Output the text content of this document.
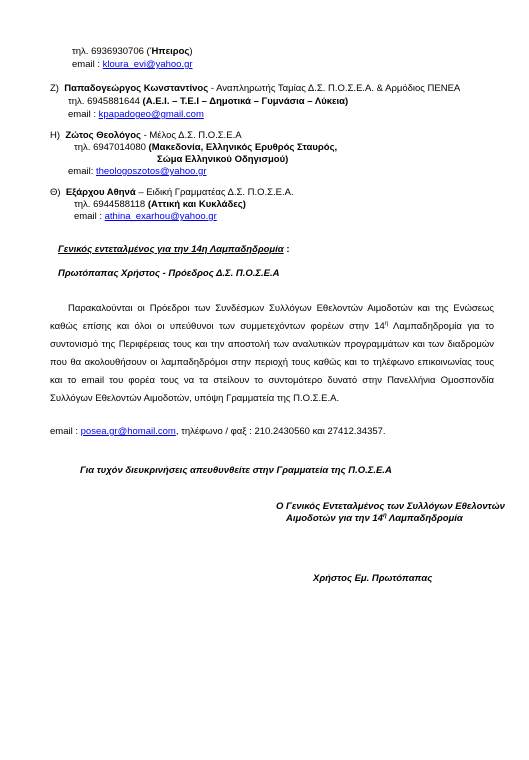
τηλ. 6936930706 (Ήπειρος)
email : kloura_evi@yahoo.gr
Ζ) Παπαδογεώργος Κωνσταντίνος - Αναπληρωτής Ταμίας Δ.Σ. Π.Ο.Σ.Ε.Α. & Αρμόδιος ΠΕΝΕΑ
τηλ. 6945881644 (Α.Ε.Ι. – Τ.Ε.Ι – Δημοτικά – Γυμνάσια – Λύκεια)
email : kpapadogeo@gmail.com
Η) Ζώτος Θεολόγος - Μέλος Δ.Σ. Π.Ο.Σ.Ε.Α
τηλ. 6947014080 (Μακεδονία, Ελληνικός Ερυθρός Σταυρός,
Σώμα Ελληνικού Οδηγισμού)
email: theologoszotos@yahoo.gr
Θ) Εξάρχου Αθηνά – Ειδική Γραμματέας Δ.Σ. Π.Ο.Σ.Ε.Α.
τηλ. 6944588118 (Αττική και Κυκλάδες)
email : athina_exarhou@yahoo.gr
Γενικός εντεταλμένος για την 14η Λαμπαδηδρομία :
Πρωτόπαπας Χρήστος - Πρόεδρος Δ.Σ. Π.Ο.Σ.Ε.Α

Παρακαλούνται οι Πρόεδροι των Συνδέσμων Συλλόγων Εθελοντών Αιμοδοτών και της Ενώσεως καθώς επίσης και όλοι οι υπεύθυνοι των συμμετεχόντων φορέων στην $14^\eta$ Λαμπαδηδρομία για το συντονισμό της Περιφέρειας τους και την αποστολή των αναλυτικών προγραμμάτων και των διαδρομών που θα ακολουθήσουν οι λαμπαδηδρόμοι στην περιοχή τους καθώς και το τηλέφωνο επικοινωνίας τους και το email του φορέα τους να τα στείλουν το συντομότερο δυνατό στην Πανελλήνια Ομοσπονδία Συλλόγων Εθελοντών Αιμοδοτών, υπόψη Γραμματεία της Π.Ο.Σ.Ε.Α.

email : posea.gr@homail.com, τηλέφωνο / φαξ : 210.2430560 και 27412.34357.
Για τυχόν διευκρινήσεις απευθυνθείτε στην Γραμματεία της Π.Ο.Σ.Ε.Α
Ο Γενικός Εντεταλμένος των Συλλόγων Εθελοντών
Αιμοδοτών για την $14^\eta$ Λαμπαδηδρομία
Χρήστος Εμ. Πρωτόπαπας
